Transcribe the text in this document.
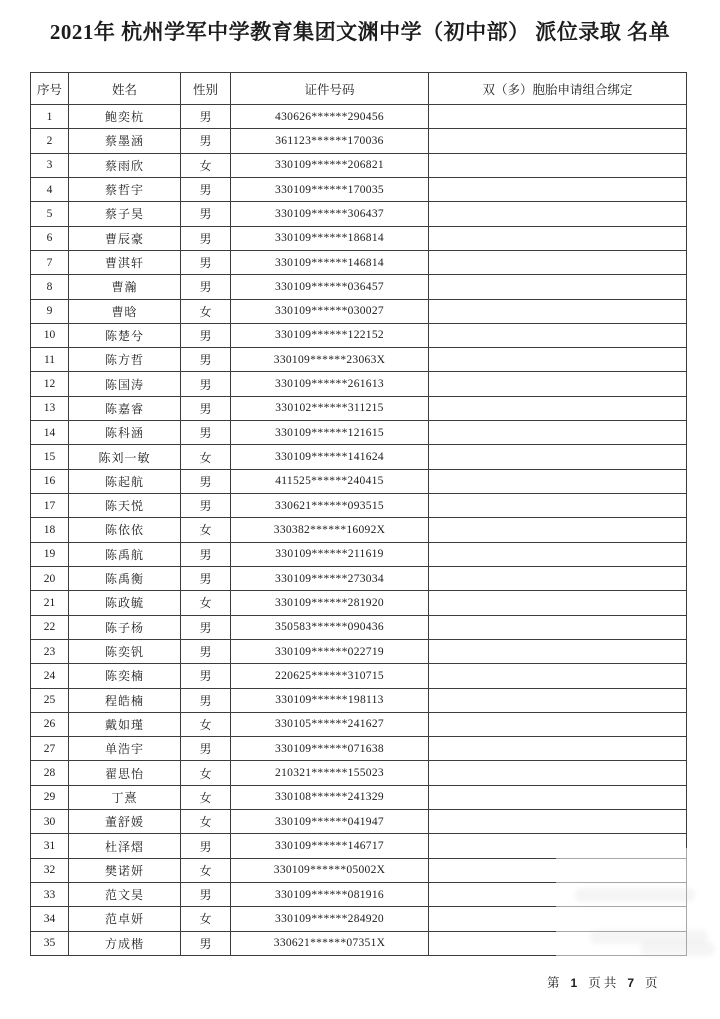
2021年 杭州学军中学教育集团文渊中学（初中部） 派位录取 名单
序号	姓名	性别	证件号码	双（多）胞胎申请组合绑定
1	鲍奕杭	男	430626******290456	
2	蔡墨涵	男	361123******170036	
3	蔡雨欣	女	330109******206821	
4	蔡哲宇	男	330109******170035	
5	蔡子昊	男	330109******306437	
6	曹辰豪	男	330109******186814	
7	曹淇轩	男	330109******146814	
8	曹瀚	男	330109******036457	
9	曹晗	女	330109******030027	
10	陈楚兮	男	330109******122152	
11	陈方哲	男	330109******23063X	
12	陈国涛	男	330109******261613	
13	陈嘉睿	男	330102******311215	
14	陈科涵	男	330109******121615	
15	陈刘一敏	女	330109******141624	
16	陈起航	男	411525******240415	
17	陈天悦	男	330621******093515	
18	陈依依	女	330382******16092X	
19	陈禹航	男	330109******211619	
20	陈禹衡	男	330109******273034	
21	陈政毓	女	330109******281920	
22	陈子杨	男	350583******090436	
23	陈奕钒	男	330109******022719	
24	陈奕楠	男	220625******310715	
25	程皓楠	男	330109******198113	
26	戴如瑾	女	330105******241627	
27	单浩宇	男	330109******071638	
28	翟思怡	女	210321******155023	
29	丁熹	女	330108******241329	
30	董舒媛	女	330109******041947	
31	杜泽熠	男	330109******146717	
32	樊诺妍	女	330109******05002X	
33	范文昊	男	330109******081916	
34	范卓妍	女	330109******284920	
35	方成楷	男	330621******07351X	
第 1 页 共 7 页
